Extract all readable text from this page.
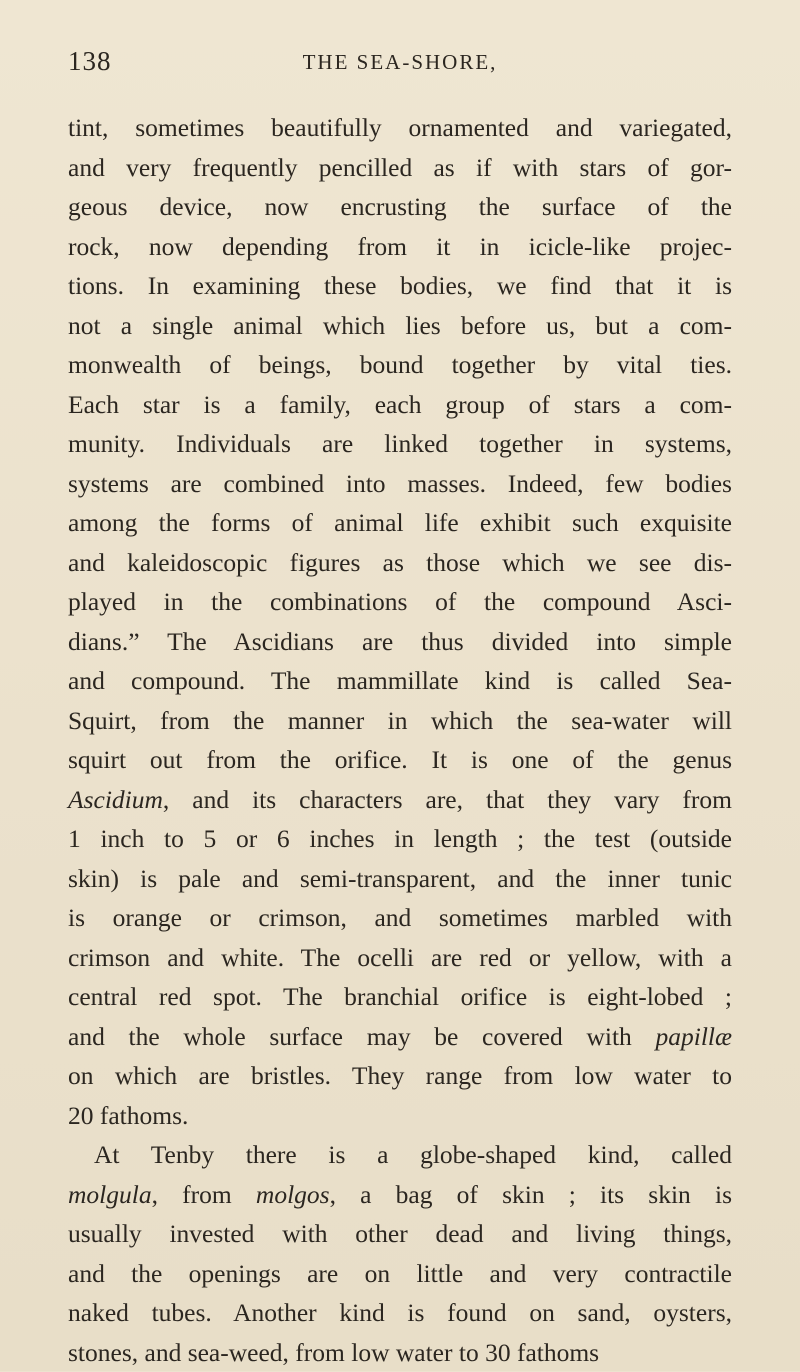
138	THE SEA-SHORE,
tint, sometimes beautifully ornamented and variegated,
and very frequently pencilled as if with stars of gor-
geous device, now encrusting the surface of the
rock, now depending from it in icicle-like projec-
tions. In examining these bodies, we find that it is
not a single animal which lies before us, but a com-
monwealth of beings, bound together by vital ties.
Each star is a family, each group of stars a com-
munity. Individuals are linked together in systems,
systems are combined into masses. Indeed, few bodies
among the forms of animal life exhibit such exquisite
and kaleidoscopic figures as those which we see dis-
played in the combinations of the compound Asci-
dians.” The Ascidians are thus divided into simple
and compound. The mammillate kind is called Sea-
Squirt, from the manner in which the sea-water will
squirt out from the orifice. It is one of the genus
Ascidium, and its characters are, that they vary from
1 inch to 5 or 6 inches in length ; the test (outside
skin) is pale and semi-transparent, and the inner tunic
is orange or crimson, and sometimes marbled with
crimson and white. The ocelli are red or yellow, with a
central red spot. The branchial orifice is eight-lobed ;
and the whole surface may be covered with papillæ
on which are bristles. They range from low water to
20 fathoms.
At Tenby there is a globe-shaped kind, called
molgula, from molgos, a bag of skin ; its skin is
usually invested with other dead and living things,
and the openings are on little and very contractile
naked tubes. Another kind is found on sand, oysters,
stones, and sea-weed, from low water to 30 fathoms
